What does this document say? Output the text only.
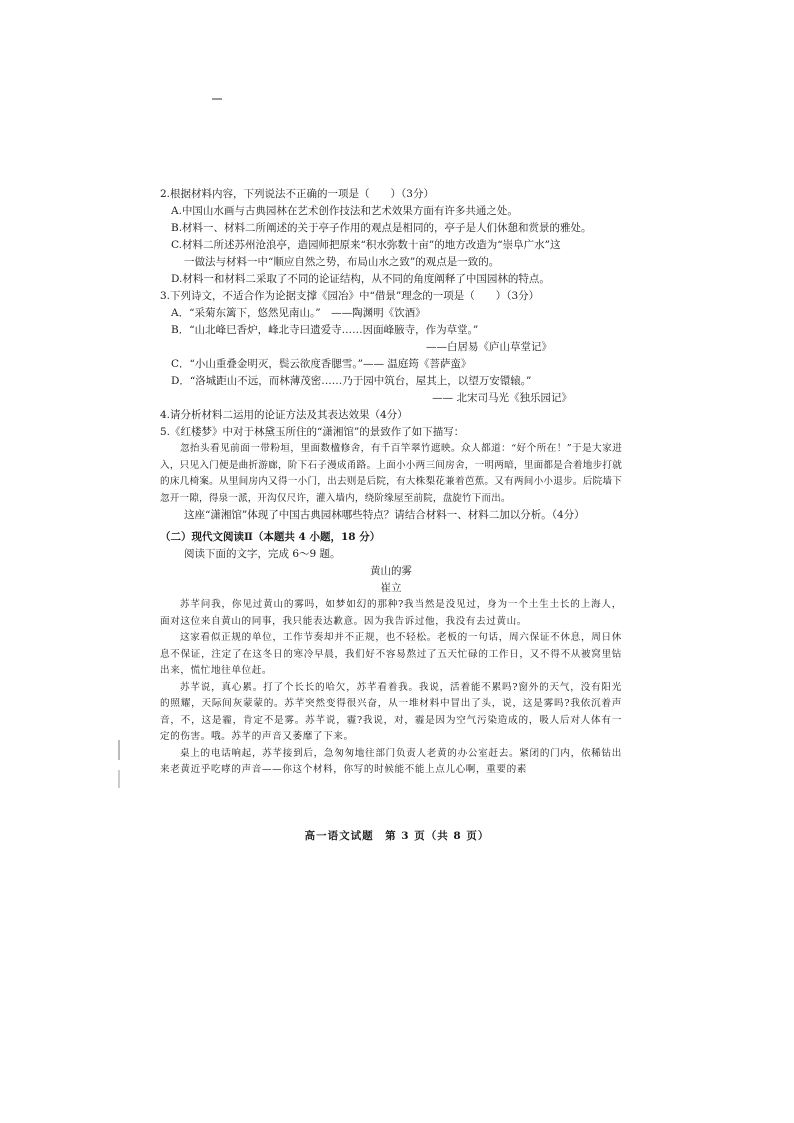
2.根据材料内容，下列说法不正确的一项是（　　）（3分）
A.中国山水画与古典园林在艺术创作技法和艺术效果方面有许多共通之处。
B.材料一、材料二所阐述的关于亭子作用的观点是相同的，亭子是人们休憩和赏景的雅处。
C.材料二所述苏州沧浪亭，造园师把原来“积水弥数十亩”的地方改造为“崇阜广水”这
一做法与材料一中“顺应自然之势，布局山水之致”的观点是一致的。
D.材料一和材料二采取了不同的论证结构，从不同的角度阐释了中国园林的特点。
3.下列诗文，不适合作为论据支撑《园冶》中“借景”理念的一项是（　　）（3分）
A．“采菊东篱下，悠然见南山。”　——陶渊明《饮酒》
B．“山北峰巳香炉，峰北寺曰遗爱寺……因面峰腋寺，作为草堂。”
——白居易《庐山草堂记》
C．“小山重叠金明灭，鬓云欲度香腮雪。”—— 温庭筠《菩萨蛮》
D．“洛城距山不远，而林薄茂密……乃于园中筑台，屋其上，以望万安镮辕。”
—— 北宋司马光《独乐园记》
4.请分析材料二运用的论证方法及其表达效果（4分）
5.《红楼梦》中对于林黛玉所住的“潇湘馆”的景致作了如下描写：

忽抬头看见前面一带粉垣，里面数楹修舍，有千百竿翠竹遮映。众人都道：“好个所在！”于是大家进入，只见入门便是曲折游廊，阶下石子漫成甬路。上面小小两三间房舍，一明两暗，里面都是合着地步打就的床几椅案。从里间房内又得一小门，出去则是后院，有大株梨花兼着芭蕉。又有两间小小退步。后院墙下忽开一隙，得泉一派，开沟仅尺许，灌入墙内，绕阶缘屋至前院，盘旋竹下而出。

这座“潇湘馆”体现了中国古典园林哪些特点？请结合材料一、材料二加以分析。（4分）
（二）现代文阅读Ⅱ（本题共 4 小题，18 分）
阅读下面的文字，完成 6～9 题。
黄山的雾
崔立

苏芊问我，你见过黄山的雾吗，如梦如幻的那种?我当然是没见过，身为一个土生土长的上海人，面对这位来自黄山的同事，我只能表达歉意。因为我告诉过他，我没有去过黄山。

这家看似正规的单位，工作节奏却并不正规，也不轻松。老板的一句话，周六保证不休息，周日休息不保证，注定了在这冬日的寒冷早晨，我们好不容易熬过了五天忙碌的工作日，又不得不从被窝里钻出来，慌忙地往单位赶。

苏芊说，真心累。打了个长长的哈欠，苏芊看着我。我说，活着能不累吗?窗外的天气，没有阳光的照耀，天际间灰蒙蒙的。苏芊突然变得很兴奋，从一堆材料中冒出了头，说，这是雾吗?我依沉着声音，不，这是霾，肯定不是雾。苏芊说，霾?我说，对，霾是因为空气污染造成的，吸人后对人体有一定的伤害。哦。苏芊的声音又萎靡了下来。

桌上的电话响起，苏芊接到后，急匆匆地往部门负责人老黄的办公室赶去。紧闭的门内，依稀钻出来老黄近乎吃哮的声音——你这个材料，你写的时候能不能上点儿心啊，重要的素

高一语文试题　第 3 页（共 8 页）
